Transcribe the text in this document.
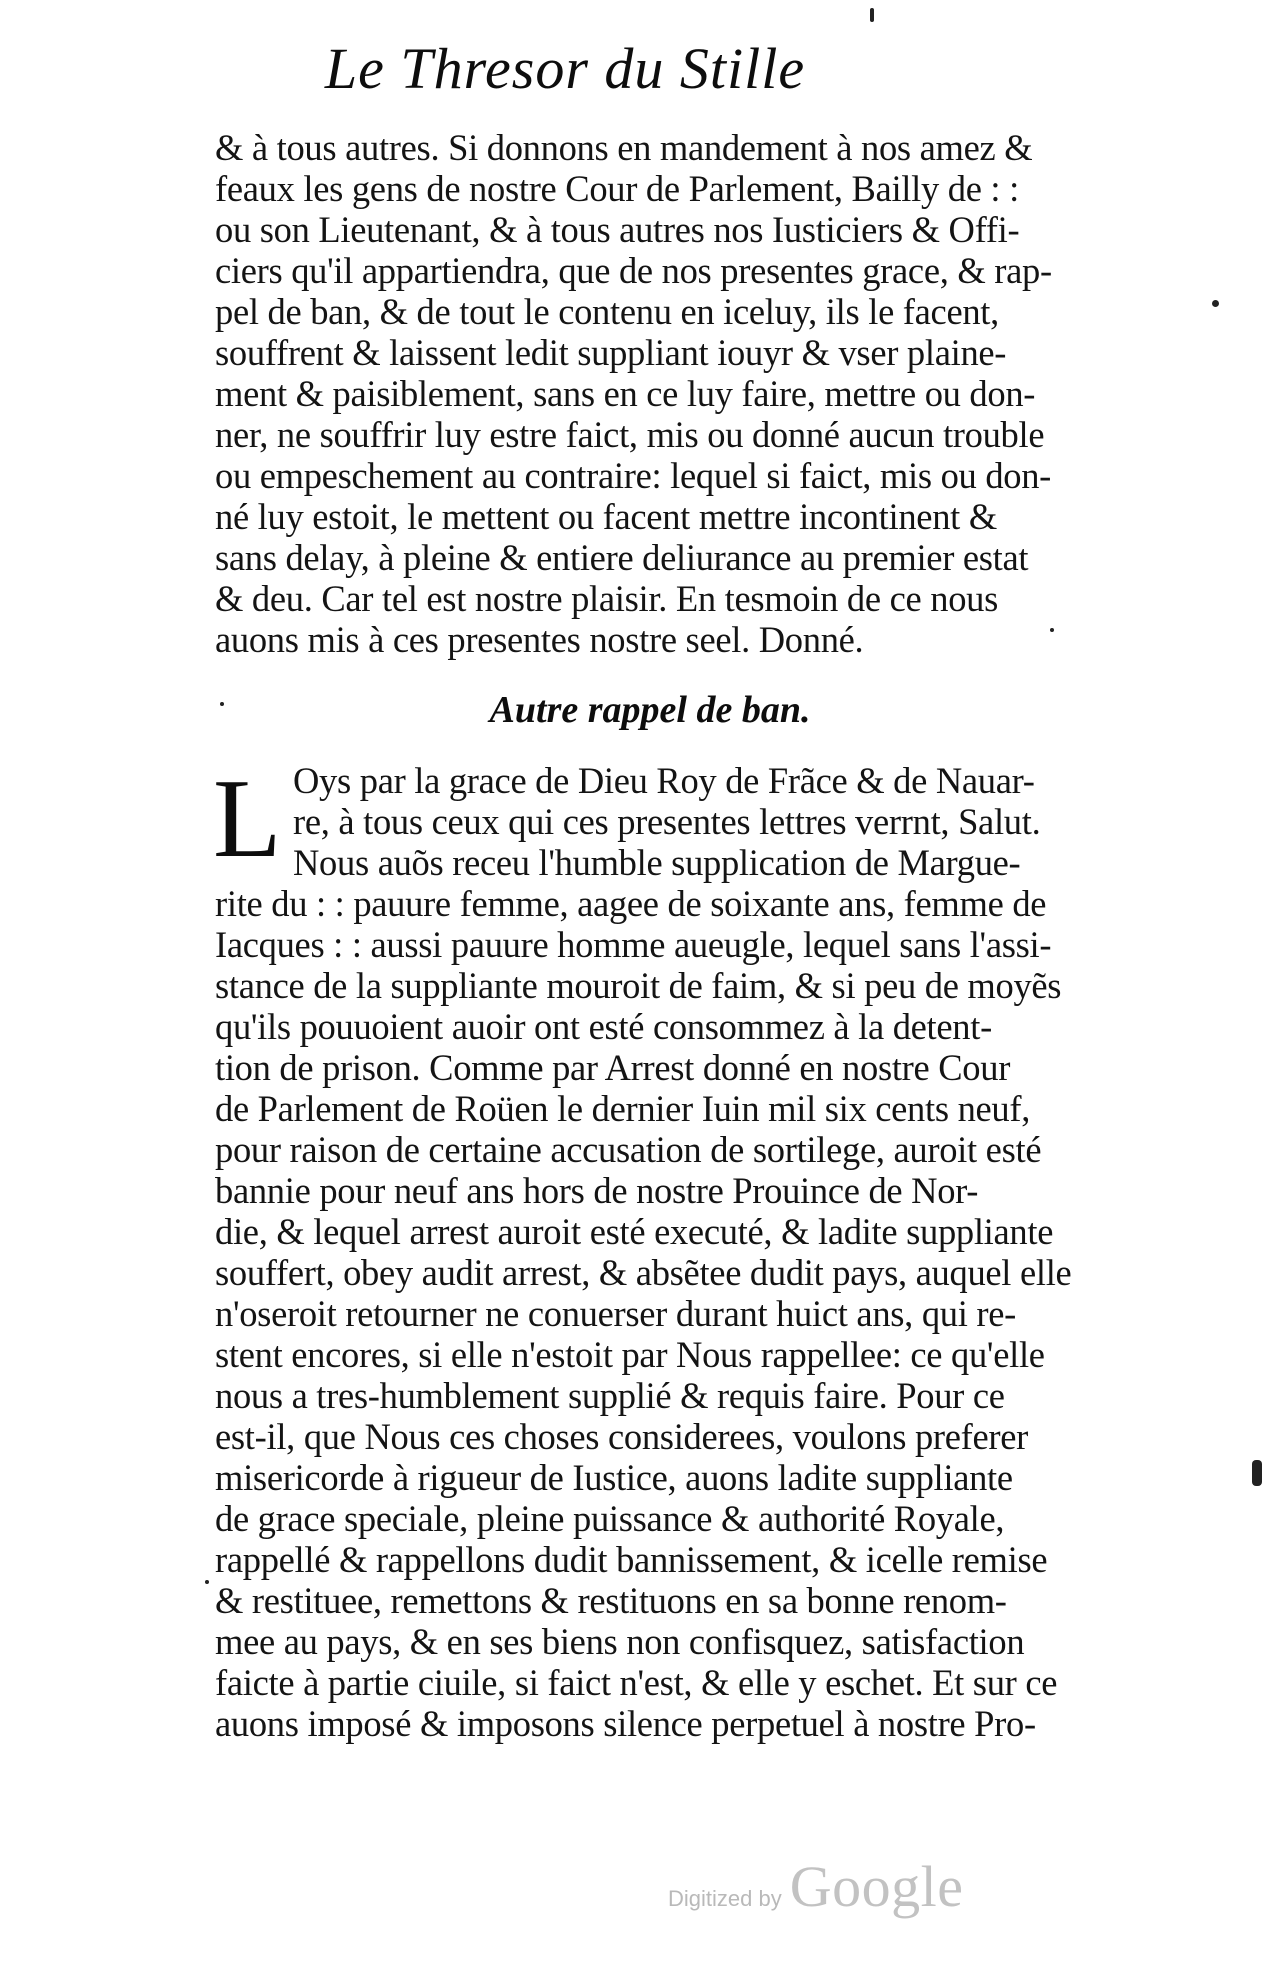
Le Thresor du Stille
& à tous autres. Si donnons en mandement à nos amez &
feaux les gens de nostre Cour de Parlement, Bailly de : :
ou son Lieutenant, & à tous autres nos Iusticiers & Offi-
ciers qu'il appartiendra, que de nos presentes grace, & rap-
pel de ban, & de tout le contenu en iceluy, ils le facent,
souffrent & laissent ledit suppliant iouyr & vser plaine-
ment & paisiblement, sans en ce luy faire, mettre ou don-
ner, ne souffrir luy estre faict, mis ou donné aucun trouble
ou empeschement au contraire: lequel si faict, mis ou don-
né luy estoit, le mettent ou facent mettre incontinent &
sans delay, à pleine & entiere deliurance au premier estat
& deu. Car tel est nostre plaisir. En tesmoin de ce nous
auons mis à ces presentes nostre seel. Donné.
Autre rappel de ban.
L Oys par la grace de Dieu Roy de Frãce & de Nauar-
re, à tous ceux qui ces presentes lettres verrnt, Salut.
Nous auõs receu l'humble supplication de Margue-
rite du : : pauure femme, aagee de soixante ans, femme de
Iacques : : aussi pauure homme aueugle, lequel sans l'assi-
stance de la suppliante mouroit de faim, & si peu de moyẽs
qu'ils pouuoient auoir ont esté consommez à la detent-
tion de prison. Comme par Arrest donné en nostre Cour
de Parlement de Roüen le dernier Iuin mil six cents neuf,
pour raison de certaine accusation de sortilege, auroit esté
bannie pour neuf ans hors de nostre Prouince de Nor-
die, & lequel arrest auroit esté executé, & ladite suppliante
souffert, obey audit arrest, & absẽtee dudit pays, auquel elle
n'oseroit retourner ne conuerser durant huict ans, qui re-
stent encores, si elle n'estoit par Nous rappellee: ce qu'elle
nous a tres-humblement supplié & requis faire. Pour ce
est-il, que Nous ces choses considerees, voulons preferer
misericorde à rigueur de Iustice, auons ladite suppliante
de grace speciale, pleine puissance & authorité Royale,
rappellé & rappellons dudit bannissement, & icelle remise
& restituee, remettons & restituons en sa bonne renom-
mee au pays, & en ses biens non confisquez, satisfaction
faicte à partie ciuile, si faict n'est, & elle y eschet. Et sur ce
auons imposé & imposons silence perpetuel à nostre Pro-
Digitized by Google
